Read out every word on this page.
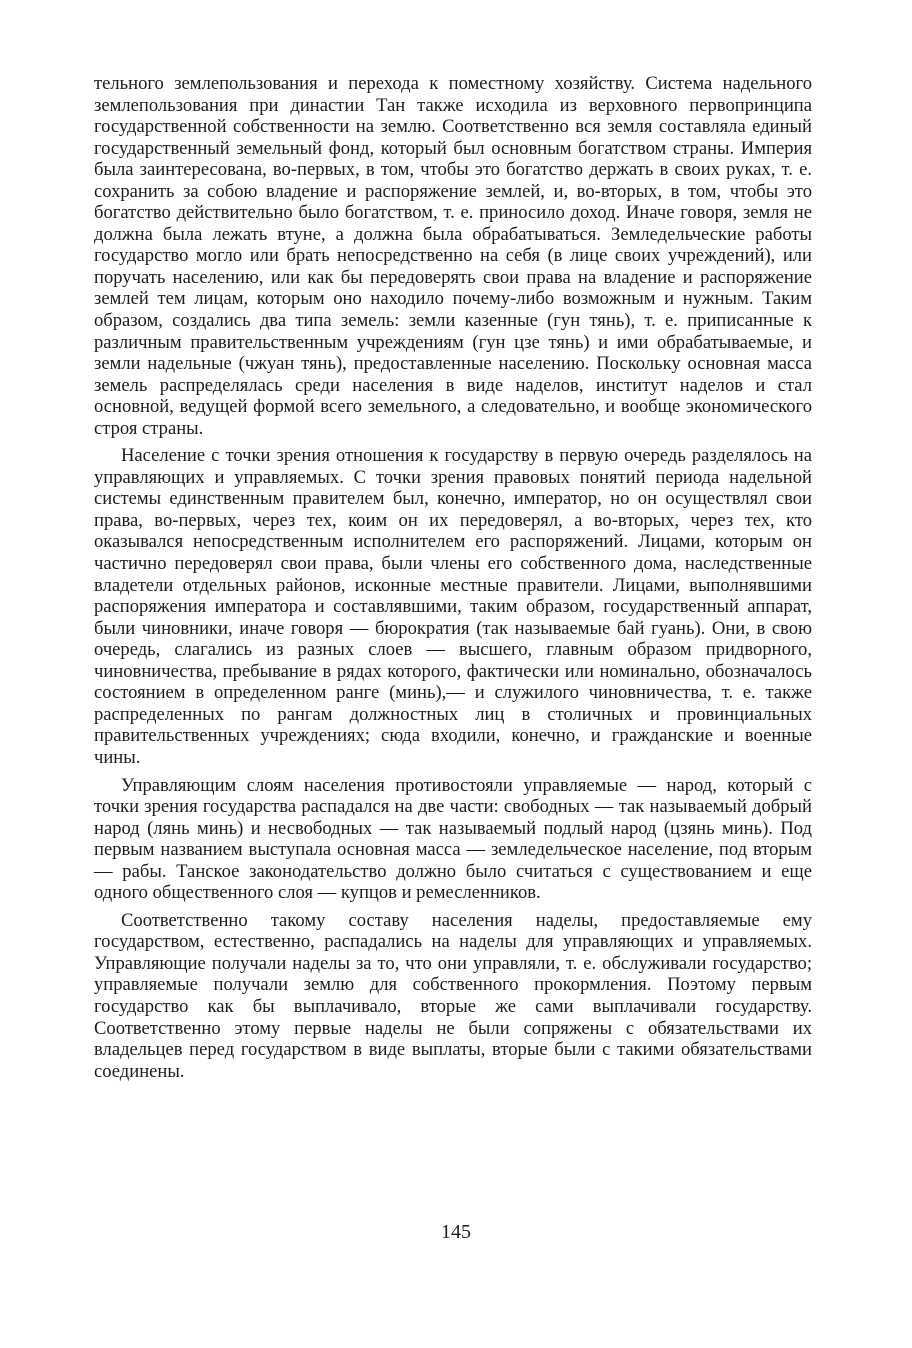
тельного землепользования и перехода к поместному хозяйству. Система надельного землепользования при династии Тан также исходила из верховного первопринципа государственной собственности на землю. Соответственно вся земля составляла единый государственный земельный фонд, который был основным богатством страны. Империя была заинтересована, во-первых, в том, чтобы это богатство держать в своих руках, т. е. сохранить за собою владение и распоряжение землей, и, во-вторых, в том, чтобы это богатство действительно было богатством, т. е. приносило доход. Иначе говоря, земля не должна была лежать втуне, а должна была обрабатываться. Земледельческие работы государство могло или брать непосредственно на себя (в лице своих учреждений), или поручать населению, или как бы передоверять свои права на владение и распоряжение землей тем лицам, которым оно находило почему-либо возможным и нужным. Таким образом, создались два типа земель: земли казенные (гун тянь), т. е. приписанные к различным правительственным учреждениям (гун цзе тянь) и ими обрабатываемые, и земли надельные (чжуан тянь), предоставленные населению. Поскольку основная масса земель распределялась среди населения в виде наделов, институт наделов и стал основной, ведущей формой всего земельного, а следовательно, и вообще экономического строя страны.

Население с точки зрения отношения к государству в первую очередь разделялось на управляющих и управляемых. С точки зрения правовых понятий периода надельной системы единственным правителем был, конечно, император, но он осуществлял свои права, во-первых, через тех, коим он их передоверял, а во-вторых, через тех, кто оказывался непосредственным исполнителем его распоряжений. Лицами, которым он частично передоверял свои права, были члены его собственного дома, наследственные владетели отдельных районов, исконные местные правители. Лицами, выполнявшими распоряжения императора и составлявшими, таким образом, государственный аппарат, были чиновники, иначе говоря — бюрократия (так называемые бай гуань). Они, в свою очередь, слагались из разных слоев — высшего, главным образом придворного, чиновничества, пребывание в рядах которого, фактически или номинально, обозначалось состоянием в определенном ранге (минь),— и служилого чиновничества, т. е. также распределенных по рангам должностных лиц в столичных и провинциальных правительственных учреждениях; сюда входили, конечно, и гражданские и военные чины.

Управляющим слоям населения противостояли управляемые — народ, который с точки зрения государства распадался на две части: свободных — так называемый добрый народ (лянь минь) и несвободных — так называемый подлый народ (цзянь минь). Под первым названием выступала основная масса — земледельческое население, под вторым — рабы. Танское законодательство должно было считаться с существованием и еще одного общественного слоя — купцов и ремесленников.

Соответственно такому составу населения наделы, предоставляемые ему государством, естественно, распадались на наделы для управляющих и управляемых. Управляющие получали наделы за то, что они управляли, т. е. обслуживали государство; управляемые получали землю для собственного прокормления. Поэтому первым государство как бы выплачивало, вторые же сами выплачивали государству. Соответственно этому первые наделы не были сопряжены с обязательствами их владельцев перед государством в виде выплаты, вторые были с такими обязательствами соединены.

145
